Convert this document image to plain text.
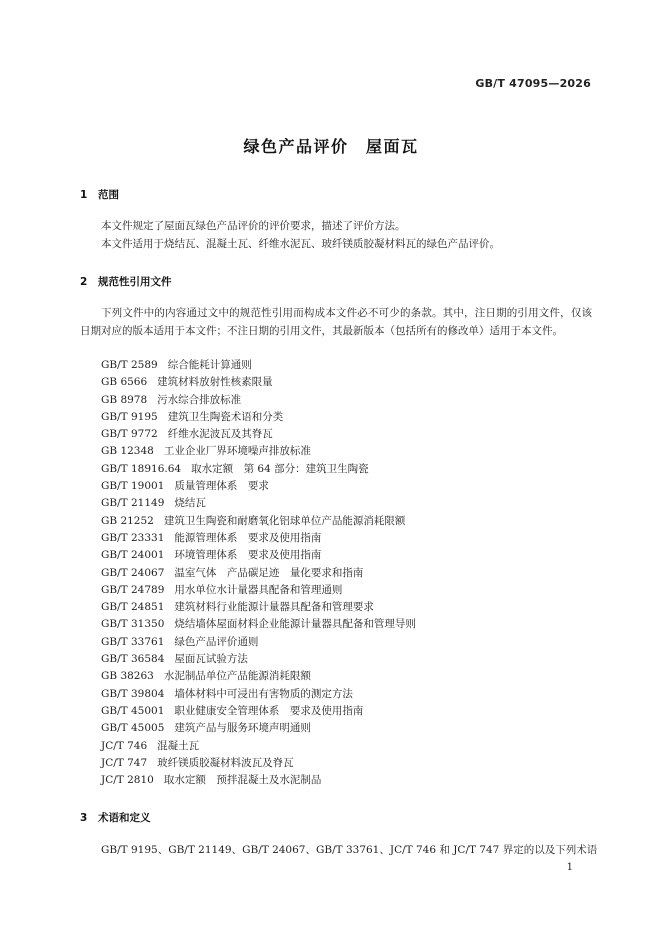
GB/T 47095—2026
绿色产品评价　屋面瓦
1 范围

本文件规定了屋面瓦绿色产品评价的评价要求，描述了评价方法。

本文件适用于烧结瓦、混凝土瓦、纤维水泥瓦、玻纤镁质胶凝材料瓦的绿色产品评价。

2 规范性引用文件

下列文件中的内容通过文中的规范性引用而构成本文件必不可少的条款。其中，注日期的引用文件，仅该日期对应的版本适用于本文件；不注日期的引用文件，其最新版本（包括所有的修改单）适用于本文件。

GB/T 2589 综合能耗计算通则
GB 6566 建筑材料放射性核素限量
GB 8978 污水综合排放标准
GB/T 9195 建筑卫生陶瓷术语和分类
GB/T 9772 纤维水泥波瓦及其脊瓦
GB 12348 工业企业厂界环境噪声排放标准
GB/T 18916.64 取水定额　第 64 部分：建筑卫生陶瓷
GB/T 19001 质量管理体系　要求
GB/T 21149 烧结瓦
GB 21252 建筑卫生陶瓷和耐磨氧化铝球单位产品能源消耗限额
GB/T 23331 能源管理体系　要求及使用指南
GB/T 24001 环境管理体系　要求及使用指南
GB/T 24067 温室气体　产品碳足迹　量化要求和指南
GB/T 24789 用水单位水计量器具配备和管理通则
GB/T 24851 建筑材料行业能源计量器具配备和管理要求
GB/T 31350 烧结墙体屋面材料企业能源计量器具配备和管理导则
GB/T 33761 绿色产品评价通则
GB/T 36584 屋面瓦试验方法
GB 38263 水泥制品单位产品能源消耗限额
GB/T 39804 墙体材料中可浸出有害物质的测定方法
GB/T 45001 职业健康安全管理体系　要求及使用指南
GB/T 45005 建筑产品与服务环境声明通则
JC/T 746 混凝土瓦
JC/T 747 玻纤镁质胶凝材料波瓦及脊瓦
JC/T 2810 取水定额　预拌混凝土及水泥制品
3 术语和定义

GB/T 9195、GB/T 21149、GB/T 24067、GB/T 33761、JC/T 746 和 JC/T 747 界定的以及下列术语

1
